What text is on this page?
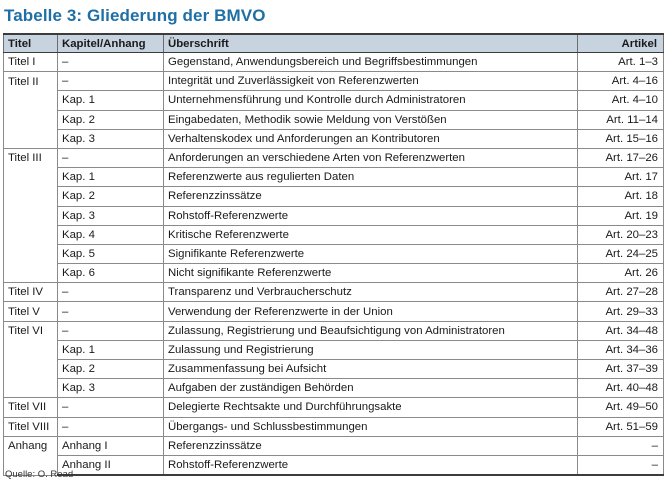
Tabelle 3: Gliederung der BMVO
Titel	Kapitel/Anhang	Überschrift	Artikel
Titel I	–	Gegenstand, Anwendungsbereich und Begriffsbestimmungen	Art. 1–3
Titel II	–	Integrität und Zuverlässigkeit von Referenzwerten	Art. 4–16
	Kap. 1	Unternehmensführung und Kontrolle durch Administratoren	Art. 4–10
	Kap. 2	Eingabedaten, Methodik sowie Meldung von Verstößen	Art. 11–14
	Kap. 3	Verhaltenskodex und Anforderungen an Kontributoren	Art. 15–16
Titel III	–	Anforderungen an verschiedene Arten von Referenzwerten	Art. 17–26
	Kap. 1	Referenzwerte aus regulierten Daten	Art. 17
	Kap. 2	Referenzzinssätze	Art. 18
	Kap. 3	Rohstoff-Referenzwerte	Art. 19
	Kap. 4	Kritische Referenzwerte	Art. 20–23
	Kap. 5	Signifikante Referenzwerte	Art. 24–25
	Kap. 6	Nicht signifikante Referenzwerte	Art. 26
Titel IV	–	Transparenz und Verbraucherschutz	Art. 27–28
Titel V	–	Verwendung der Referenzwerte in der Union	Art. 29–33
Titel VI	–	Zulassung, Registrierung und Beaufsichtigung von Administratoren	Art. 34–48
	Kap. 1	Zulassung und Registrierung	Art. 34–36
	Kap. 2	Zusammenfassung bei Aufsicht	Art. 37–39
	Kap. 3	Aufgaben der zuständigen Behörden	Art. 40–48
Titel VII	–	Delegierte Rechtsakte und Durchführungsakte	Art. 49–50
Titel VIII	–	Übergangs- und Schlussbestimmungen	Art. 51–59
Anhang	Anhang I	Referenzzinssätze	–
	Anhang II	Rohstoff-Referenzwerte	–
Quelle: O. Read
